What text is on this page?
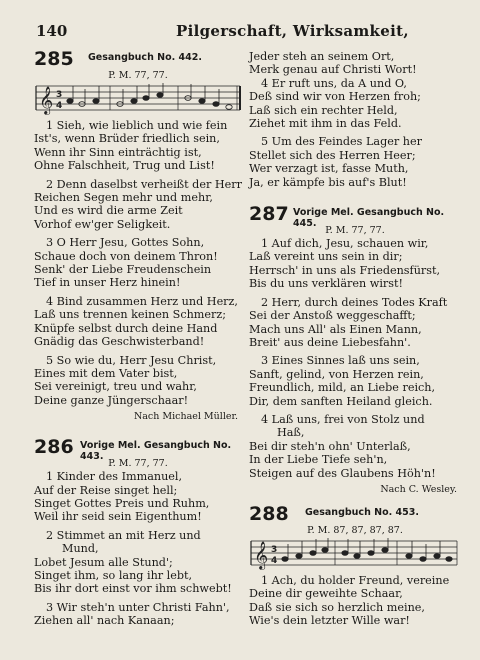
140	Pilgerschaft, Wirksamkeit,
285 Gesangbuch No. 442.
P. M. 77, 77.
𝄞 3
4
1 Sieh, wie lieblich und wie fein
Ist's, wenn Brüder friedlich sein,
Wenn ihr Sinn einträchtig ist,
Ohne Falschheit, Trug und List!
2 Denn daselbst verheißt der Herr
Reichen Segen mehr und mehr,
Und es wird die arme Zeit
Vorhof ew'ger Seligkeit.
3 O Herr Jesu, Gottes Sohn,
Schaue doch von deinem Thron!
Senk' der Liebe Freudenschein
Tief in unser Herz hinein!
4 Bind zusammen Herz und Herz,
Laß uns trennen keinen Schmerz;
Knüpfe selbst durch deine Hand
Gnädig das Geschwisterband!
5 So wie du, Herr Jesu Christ,
Eines mit dem Vater bist,
Sei vereinigt, treu und wahr,
Deine ganze Jüngerschaar!
Nach Michael Müller.
286 Vorige Mel. Gesangbuch No. 443.
P. M. 77, 77.
1 Kinder des Immanuel,
Auf der Reise singet hell;
Singet Gottes Preis und Ruhm,
Weil ihr seid sein Eigenthum!
2 Stimmet an mit Herz und
Mund,
Lobet Jesum alle Stund';
Singet ihm, so lang ihr lebt,
Bis ihr dort einst vor ihm schwebt!
3 Wir steh'n unter Christi Fahn',
Ziehen all' nach Kanaan;
Jeder steh an seinem Ort,
Merk genau auf Christi Wort!
4 Er ruft uns, da A und O,
Deß sind wir von Herzen froh;
Laß sich ein rechter Held,
Ziehet mit ihm in das Feld.
5 Um des Feindes Lager her
Stellet sich des Herren Heer;
Wer verzagt ist, fasse Muth,
Ja, er kämpfe bis auf's Blut!
287 Vorige Mel. Gesangbuch No. 445.
P. M. 77, 77.
1 Auf dich, Jesu, schauen wir,
Laß vereint uns sein in dir;
Herrsch' in uns als Friedensfürst,
Bis du uns verklären wirst!
2 Herr, durch deines Todes Kraft
Sei der Anstoß weggeschafft;
Mach uns All' als Einen Mann,
Breit' aus deine Liebesfahn'.
3 Eines Sinnes laß uns sein,
Sanft, gelind, von Herzen rein,
Freundlich, mild, an Liebe reich,
Dir, dem sanften Heiland gleich.
4 Laß uns, frei von Stolz und
Haß,
Bei dir steh'n ohn' Unterlaß,
In der Liebe Tiefe seh'n,
Steigen auf des Glaubens Höh'n!
Nach C. Wesley.
288 Gesangbuch No. 453.
P. M. 87, 87, 87, 87.
𝄞 3
4
1 Ach, du holder Freund, vereine
Deine dir geweihte Schaar,
Daß sie sich so herzlich meine,
Wie's dein letzter Wille war!
